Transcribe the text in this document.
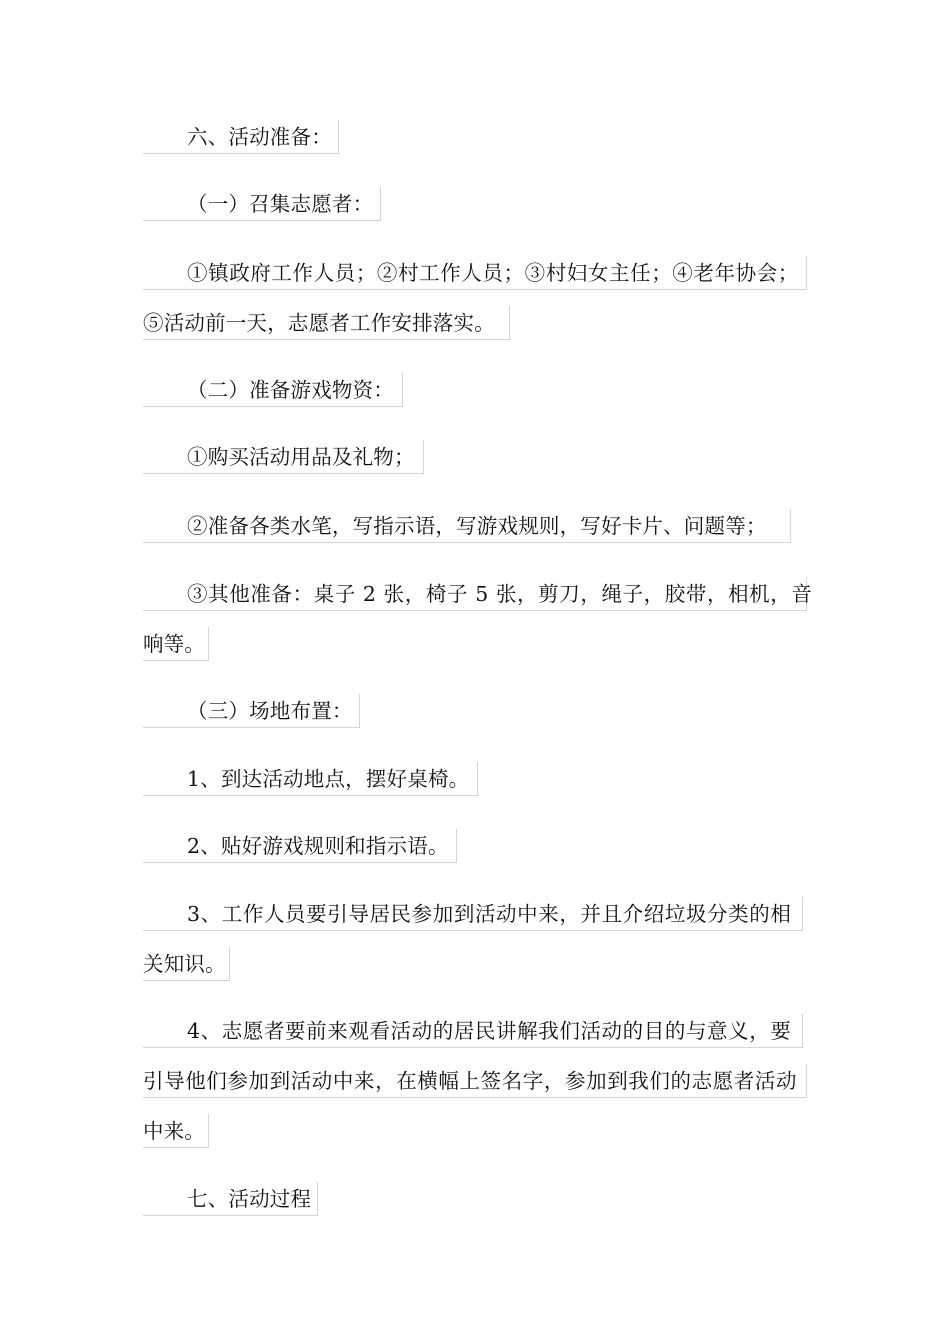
六、活动准备：
（一）召集志愿者：
①镇政府工作人员；②村工作人员；③村妇女主任；④老年协会；
⑤活动前一天，志愿者工作安排落实。
（二）准备游戏物资：
①购买活动用品及礼物；
②准备各类水笔，写指示语，写游戏规则，写好卡片、问题等；
③其他准备：桌子 2 张，椅子 5 张，剪刀，绳子，胶带，相机，音
响等。
（三）场地布置：
1、到达活动地点，摆好桌椅。
2、贴好游戏规则和指示语。
3、工作人员要引导居民参加到活动中来，并且介绍垃圾分类的相
关知识。
4、志愿者要前来观看活动的居民讲解我们活动的目的与意义，要
引导他们参加到活动中来，在横幅上签名字，参加到我们的志愿者活动
中来。
七、活动过程
